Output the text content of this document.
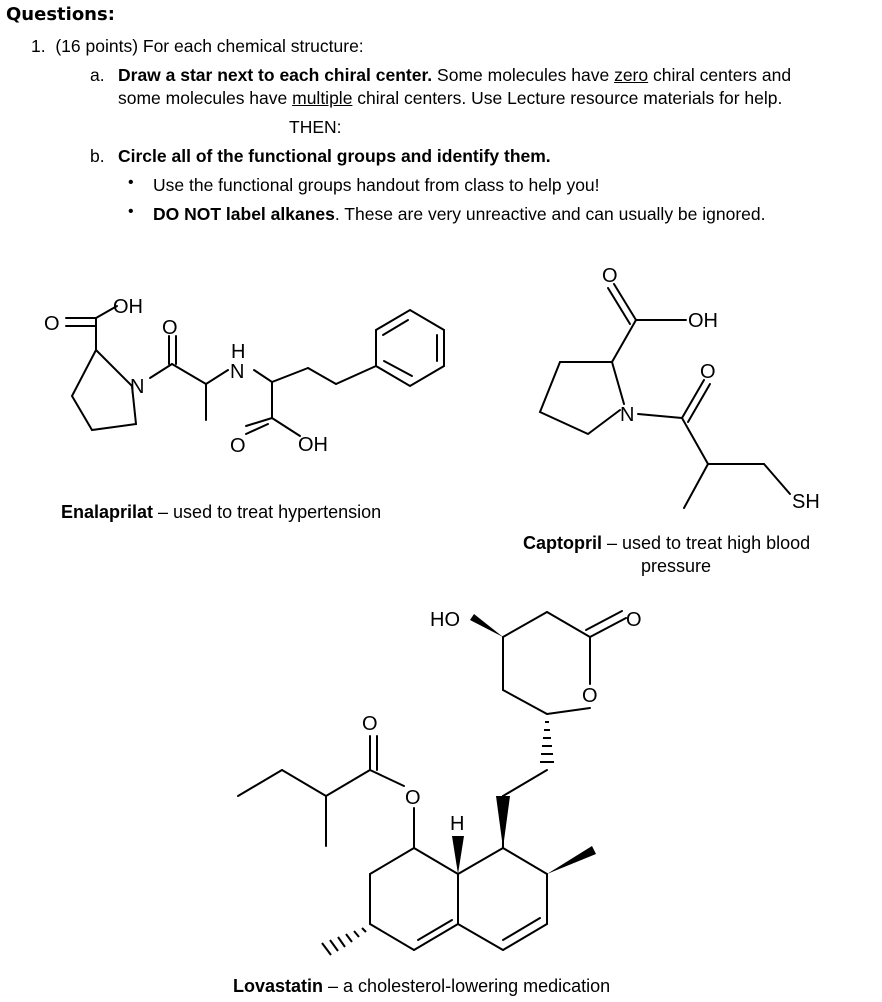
Questions:
1. (16 points) For each chemical structure:
a. Draw a star next to each chiral center. Some molecules have zero chiral centers and
some molecules have multiple chiral centers. Use Lecture resource materials for help.
THEN:
b. Circle all of the functional groups and identify them.
• Use the functional groups handout from class to help you!
• DO NOT label alkanes. These are very unreactive and can usually be ignored.
Enalaprilat – used to treat hypertension
Captopril – used to treat high blood
pressure
Lovastatin – a cholesterol-lowering medication
O
OH
O
N
H
N
O	OH
O
OH
O
N
SH
HO	O
O
O
O
H
